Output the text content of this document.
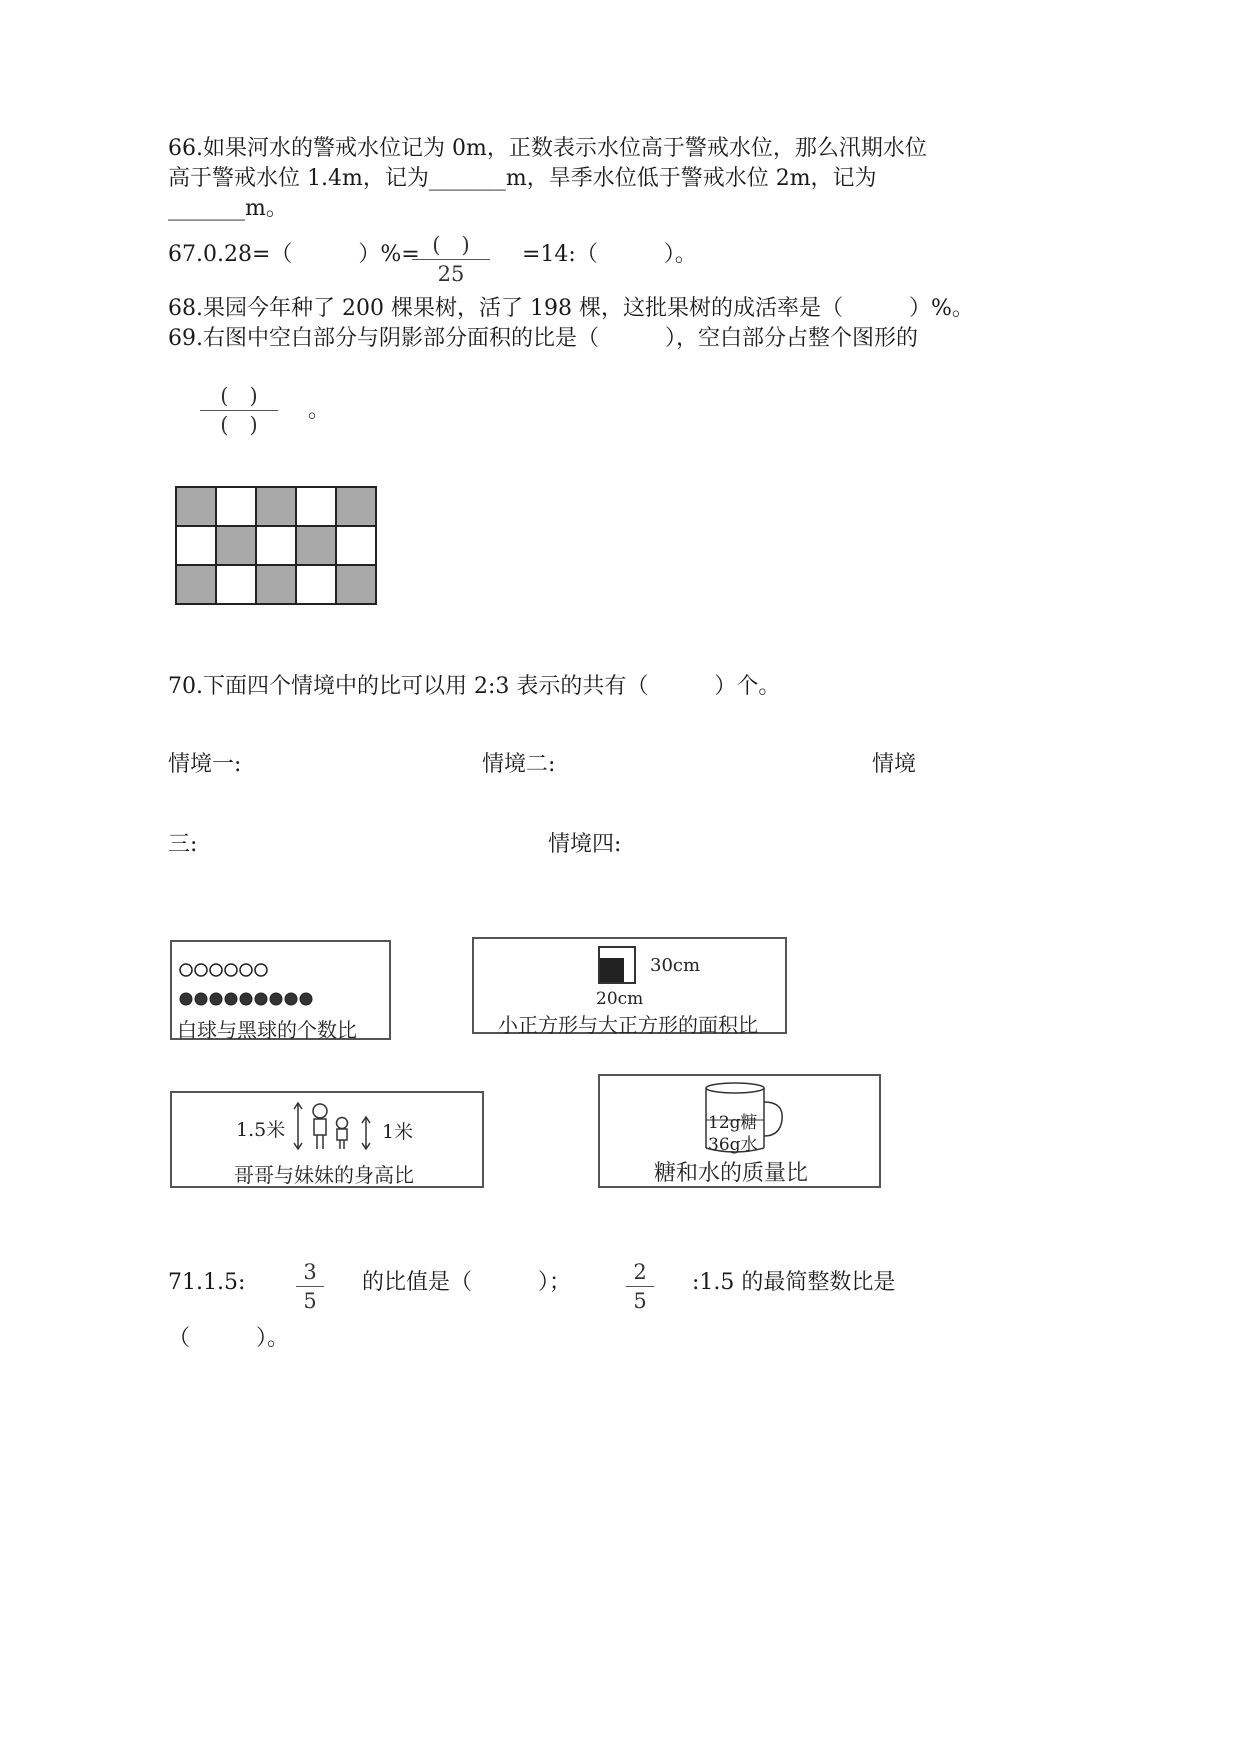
66.如果河水的警戒水位记为 0m，正数表示水位高于警戒水位，那么汛期水位
高于警戒水位 1.4m，记为_______m，旱季水位低于警戒水位 2m，记为
_______m。
67.0.28=（　　　）%= (　)
25
=14:（　　　）。
68.果园今年种了 200 棵果树，活了 198 棵，这批果树的成活率是（　　　）%。
69.右图中空白部分与阴影部分面积的比是（　　　），空白部分占整个图形的
(　)
(　)
。
70.下面四个情境中的比可以用 2:3 表示的共有（　　　）个。
情境一:	情境二:	情境
三:	情境四:
白球与黑球的个数比
30cm
20cm
小正方形与大正方形的面积比
1.5米	1米
哥哥与妹妹的身高比
12g糖
36g水
糖和水的质量比
71.1.5:	3
5
的比值是（　　　）；	2
5
:1.5 的最简整数比是
（　　　）。
